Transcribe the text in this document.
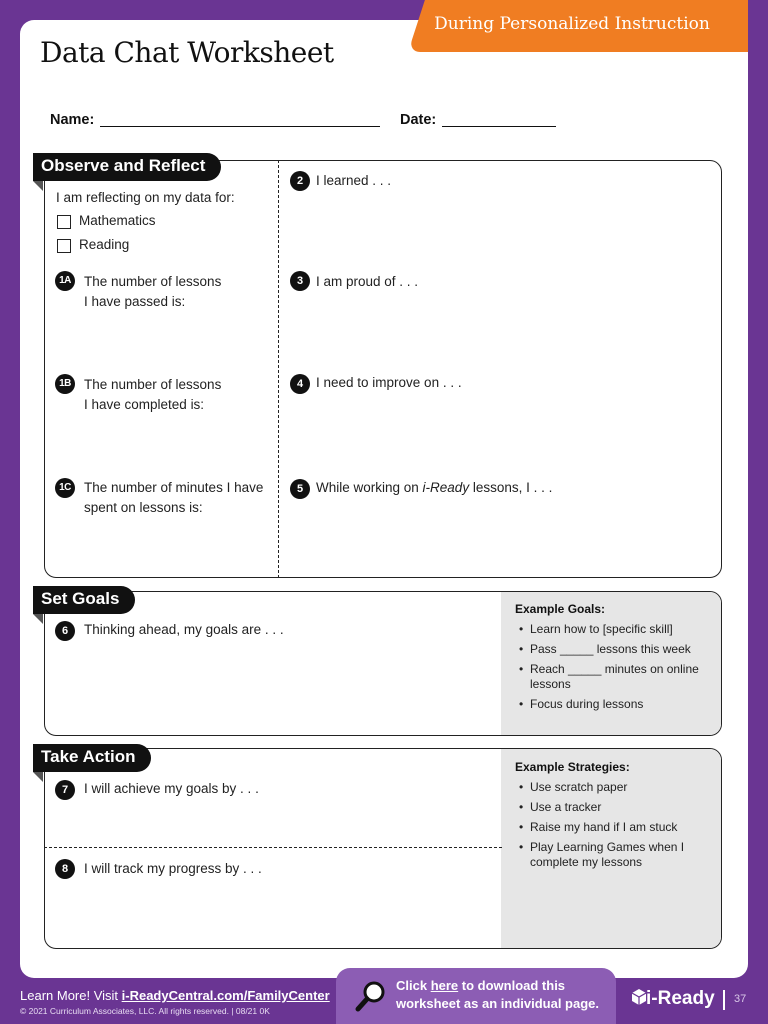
During Personalized Instruction
Data Chat Worksheet
Name:	Date:
Observe and Reflect
I am reflecting on my data for:
Mathematics
Reading
1A The number of lessons
I have passed is:
1B The number of lessons
I have completed is:
1C The number of minutes I have
spent on lessons is:
2 I learned . . .
3 I am proud of . . .
4 I need to improve on . . .
5 While working on i-Ready lessons, I . . .
Set Goals
6	Thinking ahead, my goals are . . .
Example Goals:
• Learn how to [specific skill]
• Pass _____ lessons this week
• Reach _____ minutes on online lessons
• Focus during lessons
Take Action
7	I will achieve my goals by . . .
8	I will track my progress by . . .
Example Strategies:
• Use scratch paper
• Use a tracker
• Raise my hand if I am stuck
• Play Learning Games when I complete my lessons
Learn More! Visit i-ReadyCentral.com/FamilyCenter
© 2021 Curriculum Associates, LLC. All rights reserved. | 08/21 0K
Click here to download this
worksheet as an individual page.	i-Ready 37
